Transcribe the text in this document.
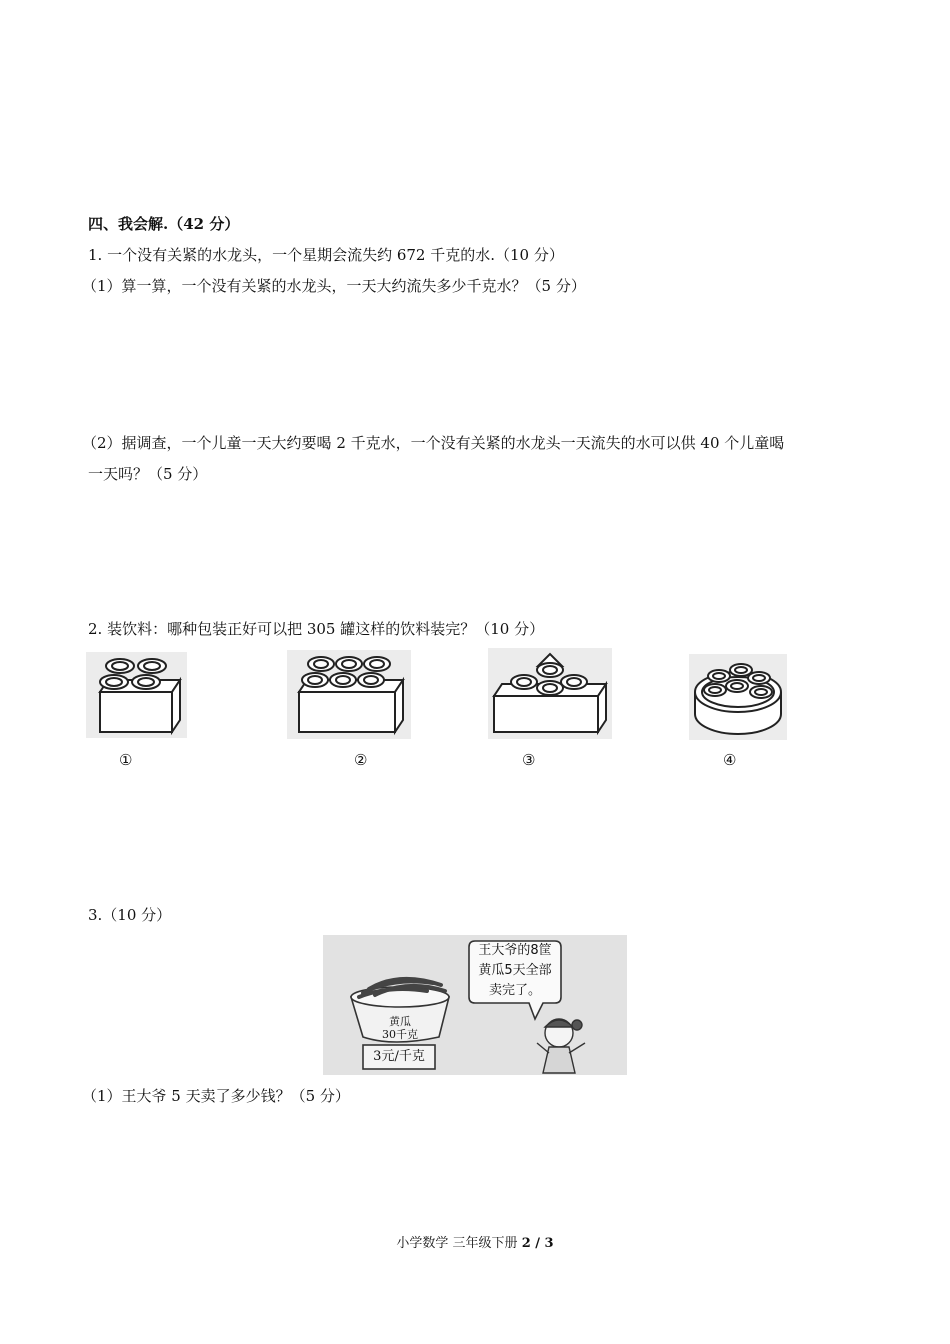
四、我会解.（42 分）
1. 一个没有关紧的水龙头，一个星期会流失约 672 千克的水.（10 分）
（1）算一算，一个没有关紧的水龙头，一天大约流失多少千克水？（5 分）
（2）据调查，一个儿童一天大约要喝 2 千克水，一个没有关紧的水龙头一天流失的水可以供 40 个儿童喝
一天吗？（5 分）
2. 装饮料：哪种包装正好可以把 305 罐这样的饮料装完？（10 分）
①	②	③	④
3.（10 分）
王大爷的8筐
黄瓜5天全部
卖完了。
黄瓜
30千克
3元/千克
（1）王大爷 5 天卖了多少钱？（5 分）
小学数学 三年级下册 2 / 3
